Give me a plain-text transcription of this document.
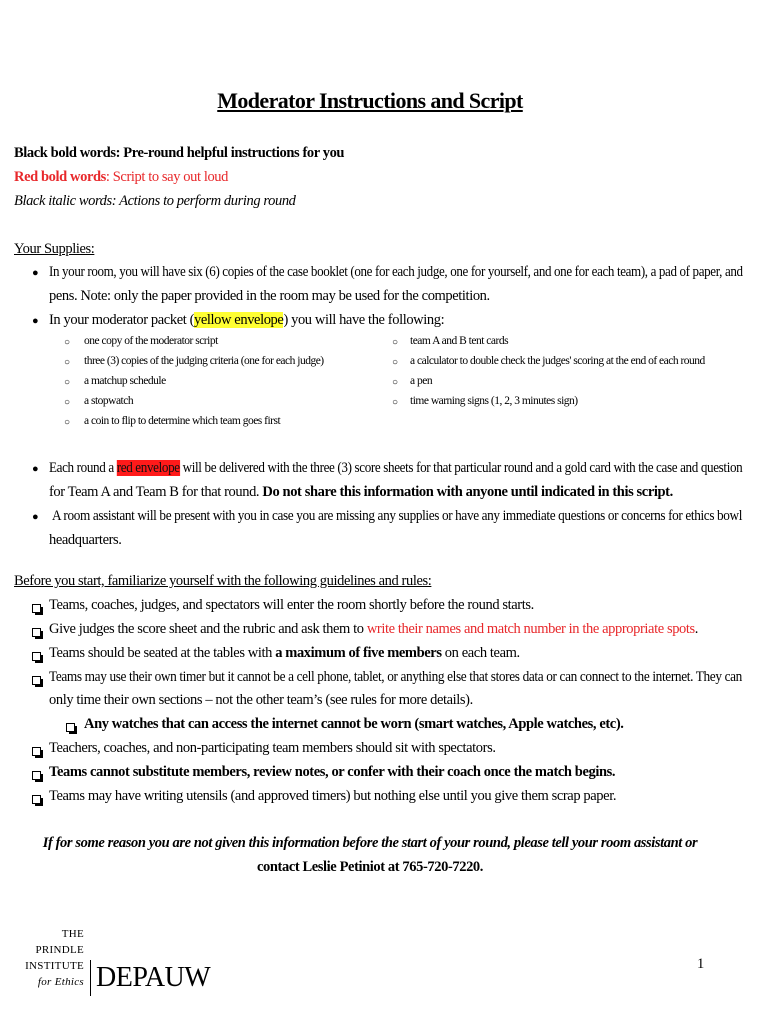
Moderator Instructions and Script
Black bold words: Pre-round helpful instructions for you
Red bold words: Script to say out loud
Black italic words: Actions to perform during round
Your Supplies:
● In your room, you will have six (6) copies of the case booklet (one for each judge, one for yourself, and one for each team), a pad of paper, and
pens. Note: only the paper provided in the room may be used for the competition.
● In your moderator packet (yellow envelope) you will have the following:
○ one copy of the moderator script
○ three (3) copies of the judging criteria (one for each judge)
○ a matchup schedule
○ a stopwatch
○ a coin to flip to determine which team goes first
○ team A and B tent cards
○ a calculator to double check the judges' scoring at the end of each round
○ a pen
○ time warning signs (1, 2, 3 minutes sign)
● Each round a red envelope will be delivered with the three (3) score sheets for that particular round and a gold card with the case and question
for Team A and Team B for that round. Do not share this information with anyone until indicated in this script.
● A room assistant will be present with you in case you are missing any supplies or have any immediate questions or concerns for ethics bowl
headquarters.
Before you start, familiarize yourself with the following guidelines and rules:
Teams, coaches, judges, and spectators will enter the room shortly before the round starts.
Give judges the score sheet and the rubric and ask them to write their names and match number in the appropriate spots.
Teams should be seated at the tables with a maximum of five members on each team.
Teams may use their own timer but it cannot be a cell phone, tablet, or anything else that stores data or can connect to the internet. They can
only time their own sections – not the other team’s (see rules for more details).
Any watches that can access the internet cannot be worn (smart watches, Apple watches, etc).
Teachers, coaches, and non-participating team members should sit with spectators.
Teams cannot substitute members, review notes, or confer with their coach once the match begins.
Teams may have writing utensils (and approved timers) but nothing else until you give them scrap paper.
If for some reason you are not given this information before the start of your round, please tell your room assistant or
contact Leslie Petiniot at 765-720-7220.
THE
PRINDLE
INSTITUTE
for Ethics DEPAUW	1
